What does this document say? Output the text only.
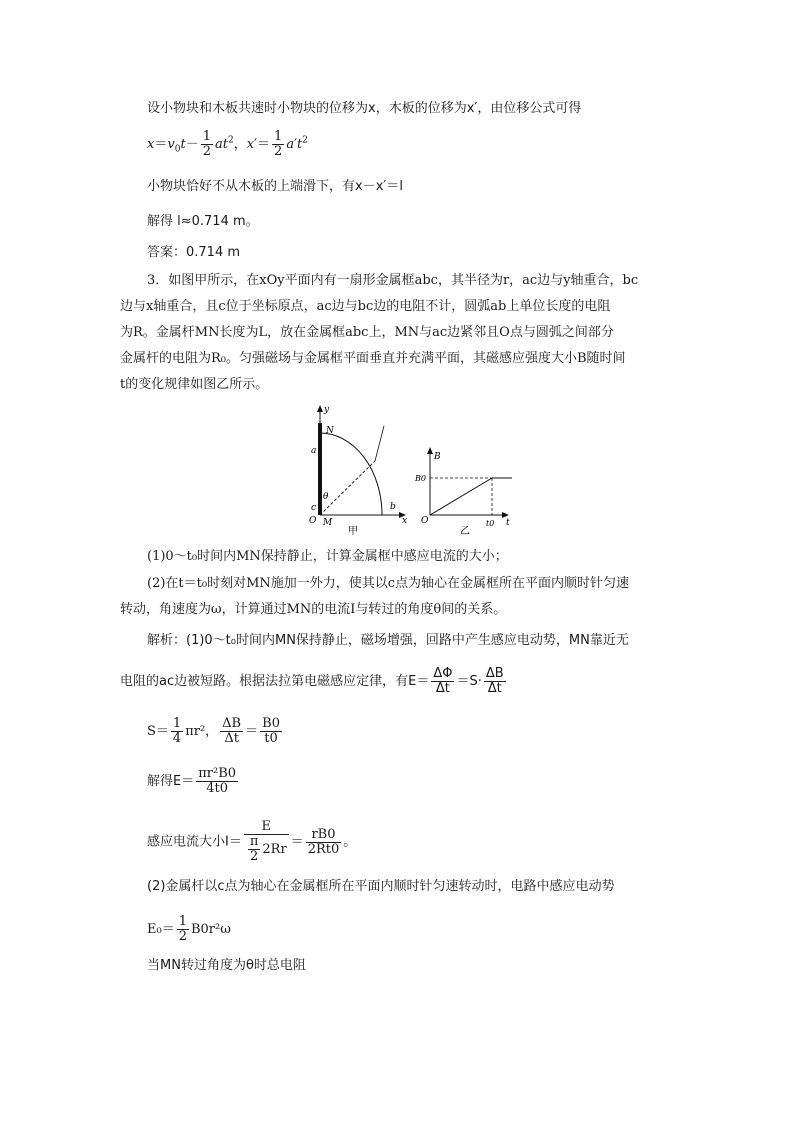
设小物块和木板共速时小物块的位移为x，木板的位移为x′，由位移公式可得
$x=v_0t- \frac{1}{2} at^2$，$x'= \frac{1}{2} a't^2$
小物块恰好不从木板的上端滑下，有x－x′＝l
解得 l≈0.714 m。
答案：0.714 m
3．如图甲所示，在xOy平面内有一扇形金属框abc，其半径为r，ac边与y轴重合，bc
边与x轴重合，且c位于坐标原点，ac边与bc边的电阻不计，圆弧ab上单位长度的电阻
为R。金属杆MN长度为L，放在金属框abc上，MN与ac边紧邻且O点与圆弧之间部分
金属杆的电阻为R₀。匀强磁场与金属框平面垂直并充满平面，其磁感应强度大小B随时间
t的变化规律如图乙所示。
y
N
a
b
c
O M
θ
x
甲
B
B0
O	t0 t
乙
(1)0～t₀时间内MN保持静止，计算金属框中感应电流的大小；
(2)在t＝t₀时刻对MN施加一外力，使其以c点为轴心在金属框所在平面内顺时针匀速
转动，角速度为ω，计算通过MN的电流I与转过的角度θ间的关系。
解析：(1)0～t₀时间内MN保持静止，磁场增强，回路中产生感应电动势，MN靠近无
电阻的ac边被短路。根据法拉第电磁感应定律，有$E= \frac{\Delta\Phi}{\Delta t} =S\cdot \frac{\Delta B}{\Delta t}$
$S= \frac{1}{4} \pi r^2$， $\frac{\Delta B}{\Delta t} = \frac{B0}{t0}$
解得$E= \frac{\text{πr²B0}}{4t0}$
感应电流大小$I= \frac{E}{\frac{\pi}{2} 2Rr} = \frac{rB0}{2Rt0}$ 。
(2)金属杆以c点为轴心在金属框所在平面内顺时针匀速转动时，电路中感应电动势
$E_0= \frac{1}{2} B0r^2\omega$
当MN转过角度为θ时总电阻
